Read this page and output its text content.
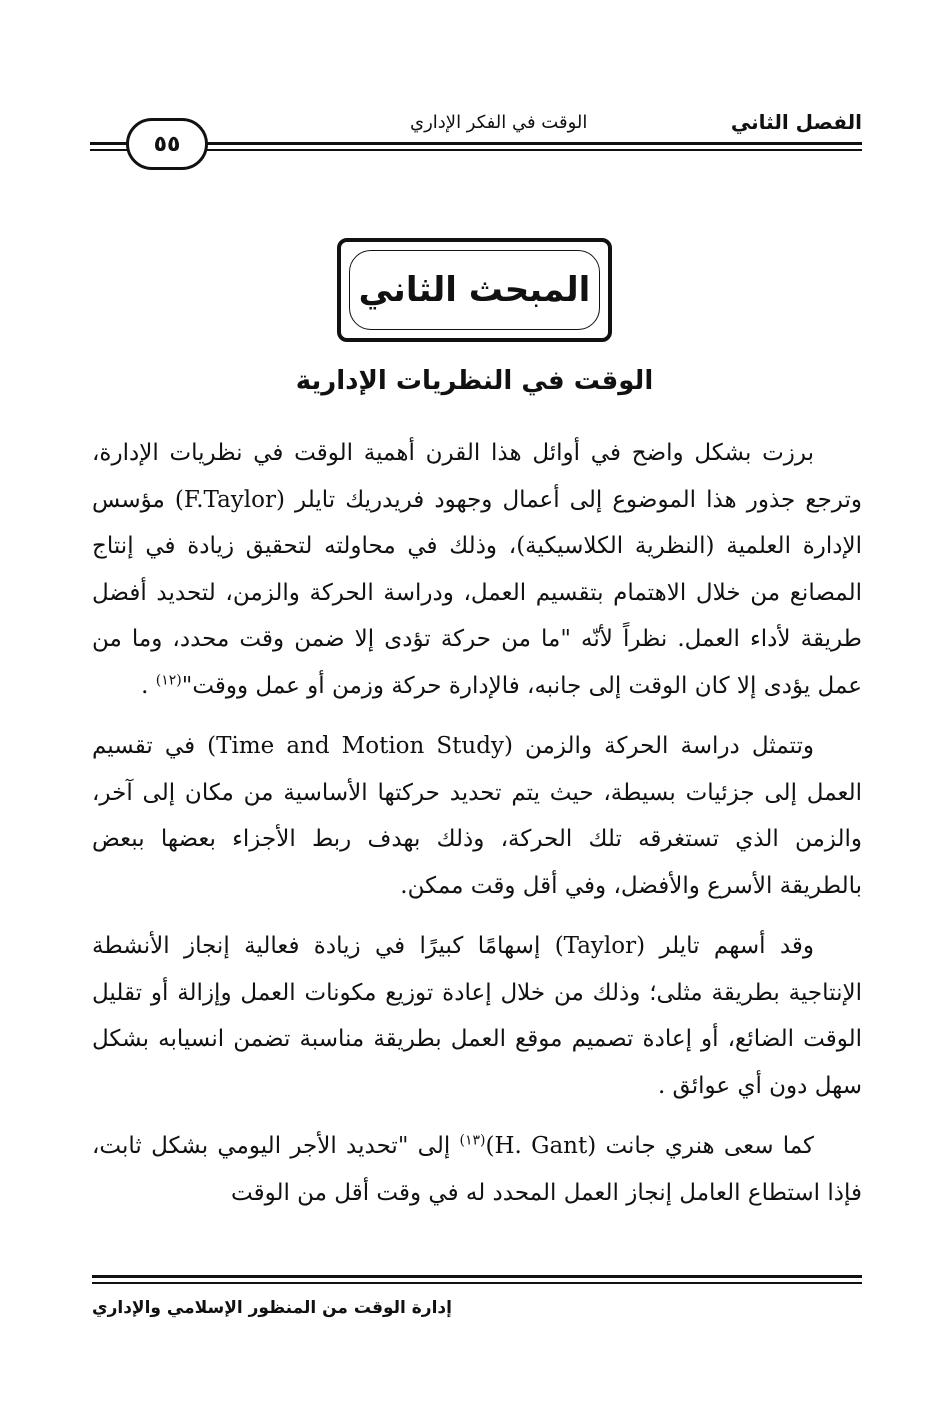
الفصل الثاني
الوقت في الفكر الإداري
٥٥
المبحث الثاني
الوقت في النظريات الإدارية

برزت بشكل واضح في أوائل هذا القرن أهمية الوقت في نظريات الإدارة، وترجع جذور هذا الموضوع إلى أعمال وجهود فريدريك تايلر (F.Taylor) مؤسس الإدارة العلمية (النظرية الكلاسيكية)، وذلك في محاولته لتحقيق زيادة في إنتاج المصانع من خلال الاهتمام بتقسيم العمل، ودراسة الحركة والزمن، لتحديد أفضل طريقة لأداء العمل. نظراً لأنّه "ما من حركة تؤدى إلا ضمن وقت محدد، وما من عمل يؤدى إلا كان الوقت إلى جانبه، فالإدارة حركة وزمن أو عمل ووقت"$^{(١٢)}$ .

وتتمثل دراسة الحركة والزمن (Time and Motion Study) في تقسيم العمل إلى جزئيات بسيطة، حيث يتم تحديد حركتها الأساسية من مكان إلى آخر، والزمن الذي تستغرقه تلك الحركة، وذلك بهدف ربط الأجزاء بعضها ببعض بالطريقة الأسرع والأفضل، وفي أقل وقت ممكن.

وقد أسهم تايلر (Taylor) إسهامًا كبيرًا في زيادة فعالية إنجاز الأنشطة الإنتاجية بطريقة مثلى؛ وذلك من خلال إعادة توزيع مكونات العمل وإزالة أو تقليل الوقت الضائع، أو إعادة تصميم موقع العمل بطريقة مناسبة تضمن انسيابه بشكل سهل دون أي عوائق .

كما سعى هنري جانت (H. Gant)$^{(١٣)}$ إلى "تحديد الأجر اليومي بشكل ثابت، فإذا استطاع العامل إنجاز العمل المحدد له في وقت أقل من الوقت

إدارة الوقت من المنظور الإسلامي والإداري
